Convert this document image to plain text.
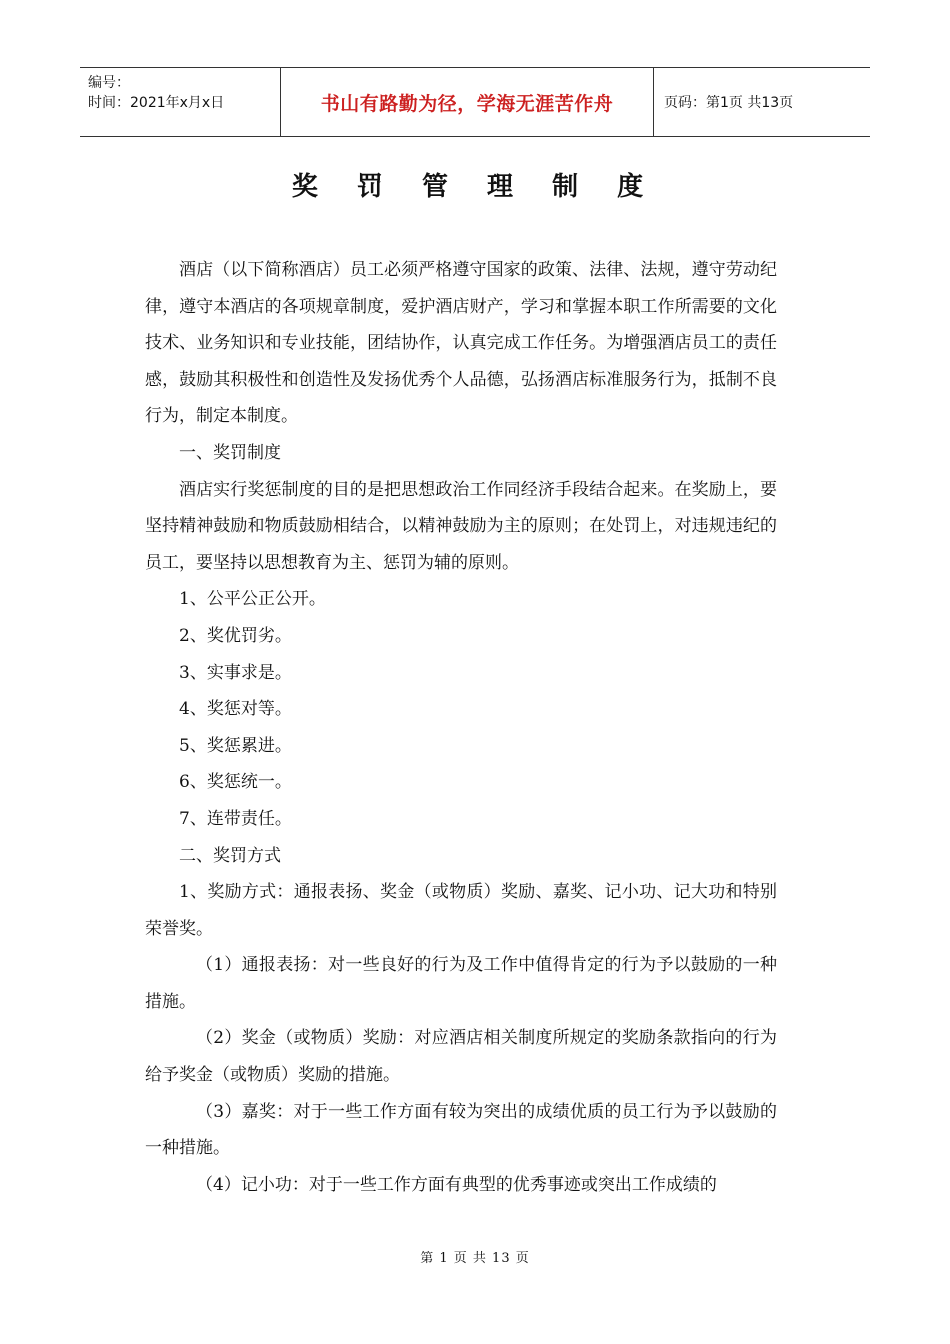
编号：
时间：2021年x月x日	书山有路勤为径，学海无涯苦作舟	页码：第1页 共13页
奖 罚 管 理 制 度

酒店（以下简称酒店）员工必须严格遵守国家的政策、法律、法规，遵守劳动纪律，遵守本酒店的各项规章制度，爱护酒店财产，学习和掌握本职工作所需要的文化技术、业务知识和专业技能，团结协作，认真完成工作任务。为增强酒店员工的责任感，鼓励其积极性和创造性及发扬优秀个人品德，弘扬酒店标准服务行为，抵制不良行为，制定本制度。

一、奖罚制度

酒店实行奖惩制度的目的是把思想政治工作同经济手段结合起来。在奖励上，要坚持精神鼓励和物质鼓励相结合，以精神鼓励为主的原则；在处罚上，对违规违纪的员工，要坚持以思想教育为主、惩罚为辅的原则。

1、公平公正公开。

2、奖优罚劣。

3、实事求是。

4、奖惩对等。

5、奖惩累进。

6、奖惩统一。

7、连带责任。

二、奖罚方式

1、奖励方式：通报表扬、奖金（或物质）奖励、嘉奖、记小功、记大功和特别荣誉奖。

（1）通报表扬：对一些良好的行为及工作中值得肯定的行为予以鼓励的一种措施。

（2）奖金（或物质）奖励：对应酒店相关制度所规定的奖励条款指向的行为给予奖金（或物质）奖励的措施。

（3）嘉奖：对于一些工作方面有较为突出的成绩优质的员工行为予以鼓励的一种措施。

（4）记小功：对于一些工作方面有典型的优秀事迹或突出工作成绩的

第 1 页 共 13 页
